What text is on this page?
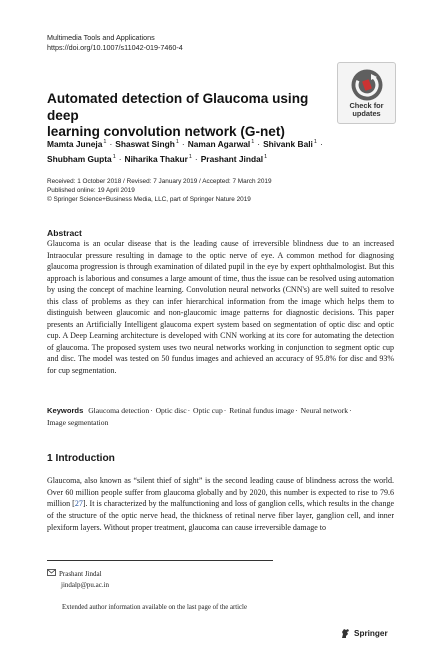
Multimedia Tools and Applications
https://doi.org/10.1007/s11042-019-7460-4
Check for
updates
Automated detection of Glaucoma using deep
learning convolution network (G-net)
Mamta Juneja$^1$ · Shaswat Singh$^1$ · Naman Agarwal$^1$ · Shivank Bali$^1$ ·
Shubham Gupta$^1$ · Niharika Thakur$^1$ · Prashant Jindal$^1$
Received: 1 October 2018 / Revised: 7 January 2019 / Accepted: 7 March 2019
Published online: 19 April 2019
© Springer Science+Business Media, LLC, part of Springer Nature 2019
Abstract
Glaucoma is an ocular disease that is the leading cause of irreversible blindness due to an increased Intraocular pressure resulting in damage to the optic nerve of eye. A common method for diagnosing glaucoma progression is through examination of dilated pupil in the eye by expert ophthalmologist. But this approach is laborious and consumes a large amount of time, thus the issue can be resolved using automation by using the concept of machine learning. Convolution neural networks (CNN's) are well suited to resolve this class of problems as they can infer hierarchical information from the image which helps them to distinguish between glaucomic and non-glaucomic image patterns for diagnostic decisions. This paper presents an Artificially Intelligent glaucoma expert system based on segmentation of optic disc and optic cup. A Deep Learning architecture is developed with CNN working at its core for automating the detection of glaucoma. The proposed system uses two neural networks working in conjunction to segment optic cup and disc. The model was tested on 50 fundus images and achieved an accuracy of 95.8% for disc and 93% for cup segmentation.
Keywords Glaucoma detection· Optic disc· Optic cup· Retinal fundus image· Neural network· Image segmentation
1 Introduction
Glaucoma, also known as “silent thief of sight” is the second leading cause of blindness across the world. Over 60 million people suffer from glaucoma globally and by 2020, this number is expected to rise to 79.6 million [27]. It is characterized by the malfunctioning and loss of ganglion cells, which results in the change of the structure of the optic nerve head, the thickness of retinal nerve fiber layer, ganglion cell, and inner plexiform layers. Without proper treatment, glaucoma can cause irreversible damage to
Prashant Jindal
jindalp@pu.ac.in
Extended author information available on the last page of the article
Springer
